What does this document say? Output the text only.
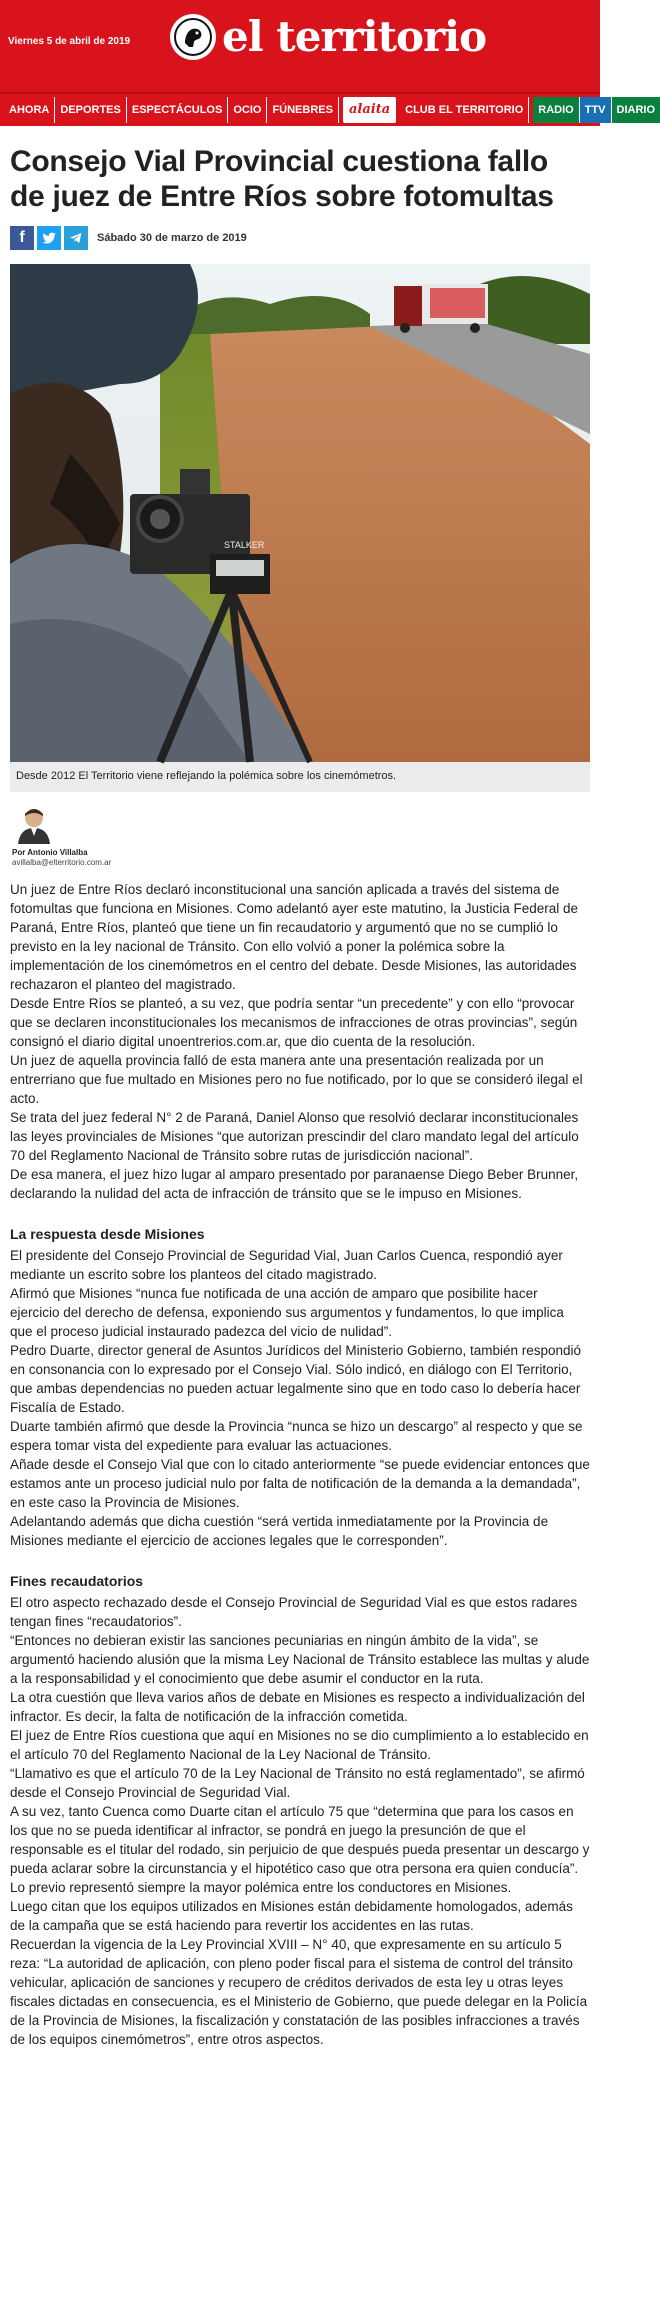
Viernes 5 de abril de 2019 el territorio
AHORA	DEPORTES	ESPECTÁCULOS	OCIO	FÚNEBRES	alaita	CLUB EL TERRITORIO	RADIO	TTV	DIARIO
Consejo Vial Provincial cuestiona fallo de juez de Entre Ríos sobre fotomultas
f	Sábado 30 de marzo de 2019
STALKER
Desde 2012 El Territorio viene reflejando la polémica sobre los cinemómetros.
Por Antonio Villalba
avillalba@elterritorio.com.ar

Un juez de Entre Ríos declaró inconstitucional una sanción aplicada a través del sistema de fotomultas que funciona en Misiones. Como adelantó ayer este matutino, la Justicia Federal de Paraná, Entre Ríos, planteó que tiene un fin recaudatorio y argumentó que no se cumplió lo previsto en la ley nacional de Tránsito. Con ello volvió a poner la polémica sobre la implementación de los cinemómetros en el centro del debate. Desde Misiones, las autoridades rechazaron el planteo del magistrado.

Desde Entre Ríos se planteó, a su vez, que podría sentar “un precedente” y con ello “provocar que se declaren inconstitucionales los mecanismos de infracciones de otras provincias”, según consignó el diario digital unoentrerios.com.ar, que dio cuenta de la resolución.

Un juez de aquella provincia falló de esta manera ante una presentación realizada por un entrerriano que fue multado en Misiones pero no fue notificado, por lo que se consideró ilegal el acto.

Se trata del juez federal N° 2 de Paraná, Daniel Alonso que resolvió declarar inconstitucionales las leyes provinciales de Misiones “que autorizan prescindir del claro mandato legal del artículo 70 del Reglamento Nacional de Tránsito sobre rutas de jurisdicción nacional”.

De esa manera, el juez hizo lugar al amparo presentado por paranaense Diego Beber Brunner, declarando la nulidad del acta de infracción de tránsito que se le impuso en Misiones.

La respuesta desde Misiones

El presidente del Consejo Provincial de Seguridad Vial, Juan Carlos Cuenca, respondió ayer mediante un escrito sobre los planteos del citado magistrado.

Afirmó que Misiones “nunca fue notificada de una acción de amparo que posibilite hacer ejercicio del derecho de defensa, exponiendo sus argumentos y fundamentos, lo que implica que el proceso judicial instaurado padezca del vicio de nulidad”.

Pedro Duarte, director general de Asuntos Jurídicos del Ministerio Gobierno, también respondió en consonancia con lo expresado por el Consejo Vial. Sólo indicó, en diálogo con El Territorio, que ambas dependencias no pueden actuar legalmente sino que en todo caso lo debería hacer Fiscalía de Estado.

Duarte también afirmó que desde la Provincia “nunca se hizo un descargo” al respecto y que se espera tomar vista del expediente para evaluar las actuaciones.

Añade desde el Consejo Vial que con lo citado anteriormente “se puede evidenciar entonces que estamos ante un proceso judicial nulo por falta de notificación de la demanda a la demandada”, en este caso la Provincia de Misiones.

Adelantando además que dicha cuestión “será vertida inmediatamente por la Provincia de Misiones mediante el ejercicio de acciones legales que le corresponden”.

Fines recaudatorios

El otro aspecto rechazado desde el Consejo Provincial de Seguridad Vial es que estos radares tengan fines “recaudatorios”.

“Entonces no debieran existir las sanciones pecuniarias en ningún ámbito de la vida”, se argumentó haciendo alusión que la misma Ley Nacional de Tránsito establece las multas y alude a la responsabilidad y el conocimiento que debe asumir el conductor en la ruta.

La otra cuestión que lleva varios años de debate en Misiones es respecto a individualización del infractor. Es decir, la falta de notificación de la infracción cometida.

El juez de Entre Ríos cuestiona que aquí en Misiones no se dio cumplimiento a lo establecido en el artículo 70 del Reglamento Nacional de la Ley Nacional de Tránsito.

“Llamativo es que el artículo 70 de la Ley Nacional de Tránsito no está reglamentado”, se afirmó desde el Consejo Provincial de Seguridad Vial.

A su vez, tanto Cuenca como Duarte citan el artículo 75 que “determina que para los casos en los que no se pueda identificar al infractor, se pondrá en juego la presunción de que el responsable es el titular del rodado, sin perjuicio de que después pueda presentar un descargo y pueda aclarar sobre la circunstancia y el hipotético caso que otra persona era quien conducía”.

Lo previo representó siempre la mayor polémica entre los conductores en Misiones.

Luego citan que los equipos utilizados en Misiones están debidamente homologados, además de la campaña que se está haciendo para revertir los accidentes en las rutas.

Recuerdan la vigencia de la Ley Provincial XVIII – N° 40, que expresamente en su artículo 5 reza: “La autoridad de aplicación, con pleno poder fiscal para el sistema de control del tránsito vehicular, aplicación de sanciones y recupero de créditos derivados de esta ley u otras leyes fiscales dictadas en consecuencia, es el Ministerio de Gobierno, que puede delegar en la Policía de la Provincia de Misiones, la fiscalización y constatación de las posibles infracciones a través de los equipos cinemómetros”, entre otros aspectos.
